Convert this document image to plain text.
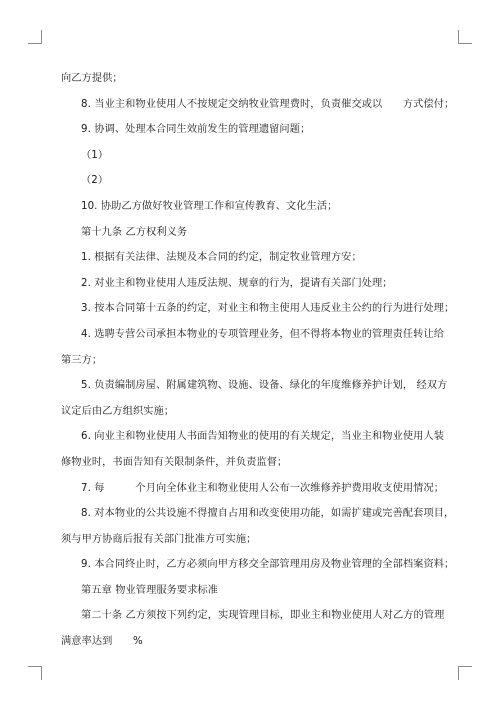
向乙方提供；
8. 当业主和物业使用人不按规定交纳牧业管理费时，负责催交或以　　方式偿付；
9. 协调、处理本合同生效前发生的管理遗留问题；
（1）
（2）
10. 协助乙方做好牧业管理工作和宣传教育、文化生活；
第十九条 乙方权利义务
1. 根据有关法律、法规及本合同的约定，制定牧业管理方安；
2. 对业主和物业使用人违反法规、规章的行为，提请有关部门处理；
3. 按本合同第十五条的约定，对业主和物主使用人违反业主公约的行为进行处理；
4. 选聘专营公司承担本物业的专项管理业务，但不得将本物业的管理责任转让给
第三方；
5. 负责编制房屋、附属建筑物、设施、设备、绿化的年度维修养护计划， 经双方
议定后由乙方组织实施；
6. 向业主和物业使用人书面告知物业的使用的有关规定，当业主和物业使用人装
修物业时，书面告知有关限制条件，并负责监督；
7. 每　　　个月向全体业主和物业使用人公布一次维修养护费用收支使用情况；
8. 对本物业的公共设施不得擅自占用和改变使用功能，如需扩建或完善配套项目，
须与甲方协商后报有关部门批准方可实施；
9. 本合同终止时，乙方必须向甲方移交全部管理用房及物业管理的全部档案资料；
第五章 物业管理服务要求标准
第二十条 乙方须按下列约定，实现管理目标，即业主和物业使用人对乙方的管理
满意率达到　　%
